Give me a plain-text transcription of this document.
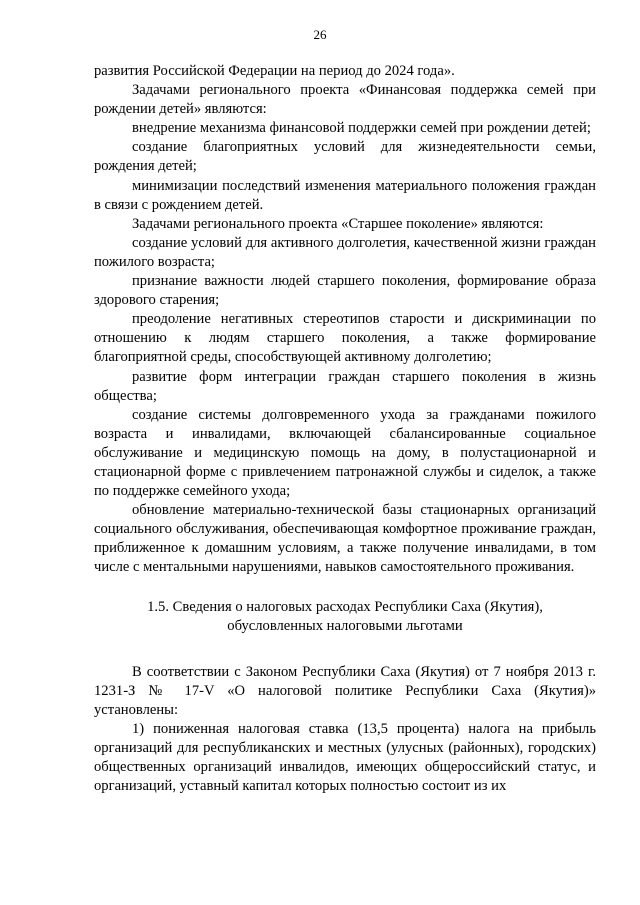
26

развития Российской Федерации на период до 2024 года».

Задачами регионального проекта «Финансовая поддержка семей при рождении детей» являются:

внедрение механизма финансовой поддержки семей при рождении детей;

создание благоприятных условий для жизнедеятельности семьи, рождения детей;

минимизации последствий изменения материального положения граждан в связи с рождением детей.

Задачами регионального проекта «Старшее поколение» являются:

создание условий для активного долголетия, качественной жизни граждан пожилого возраста;

признание важности людей старшего поколения, формирование образа здорового старения;

преодоление негативных стереотипов старости и дискриминации по отношению к людям старшего поколения, а также формирование благоприятной среды, способствующей активному долголетию;

развитие форм интеграции граждан старшего поколения в жизнь общества;

создание системы долговременного ухода за гражданами пожилого возраста и инвалидами, включающей сбалансированные социальное обслуживание и медицинскую помощь на дому, в полустационарной и стационарной форме с привлечением патронажной службы и сиделок, а также по поддержке семейного ухода;

обновление материально-технической базы стационарных организаций социального обслуживания, обеспечивающая комфортное проживание граждан, приближенное к домашним условиям, а также получение инвалидами, в том числе с ментальными нарушениями, навыков самостоятельного проживания.

1.5. Сведения о налоговых расходах Республики Саха (Якутия),
обусловленных налоговыми льготами

В соответствии с Законом Республики Саха (Якутия) от 7 ноября 2013 г. 1231-З № 17-V «О налоговой политике Республики Саха (Якутия)» установлены:

1) пониженная налоговая ставка (13,5 процента) налога на прибыль организаций для республиканских и местных (улусных (районных), городских) общественных организаций инвалидов, имеющих общероссийский статус, и организаций, уставный капитал которых полностью состоит из их
